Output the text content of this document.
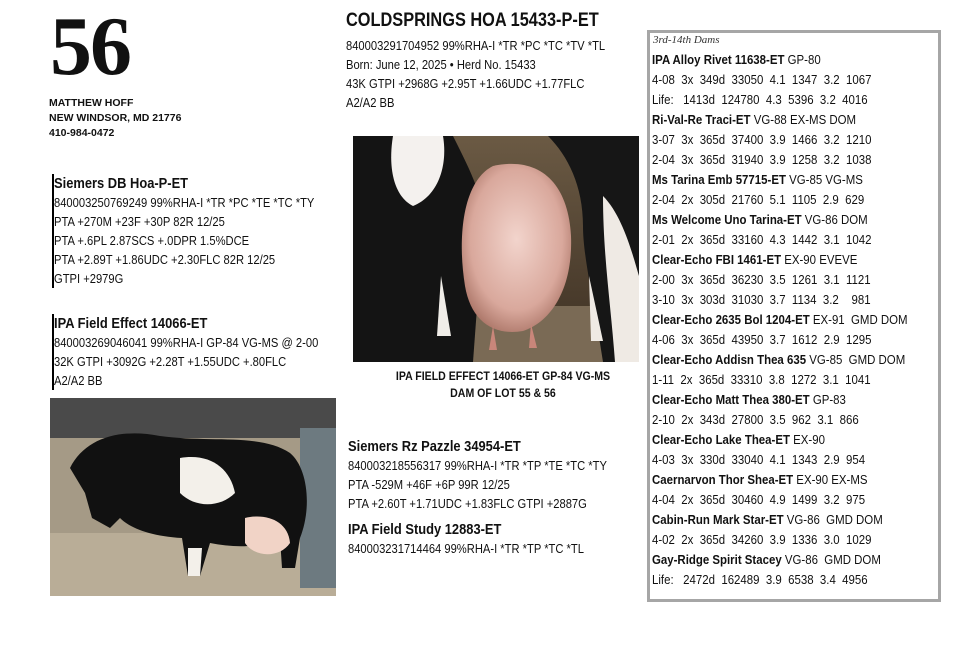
56
MATTHEW HOFF
NEW WINDSOR, MD 21776
410-984-0472
COLDSPRINGS HOA 15433-P-ET
840003291704952 99%RHA-I *TR *PC *TC *TV *TL
Born: June 12, 2025 • Herd No. 15433
43K GTPI +2968G +2.95T +1.66UDC +1.77FLC
A2/A2 BB
Siemers DB Hoa-P-ET
840003250769249 99%RHA-I *TR *PC *TE *TC *TY
PTA +270M +23F +30P 82R 12/25
PTA +.6PL 2.87SCS +.0DPR 1.5%DCE
PTA +2.89T +1.86UDC +2.30FLC 82R 12/25
GTPI +2979G
IPA Field Effect 14066-ET
840003269046041 99%RHA-I GP-84 VG-MS @ 2-00
32K GTPI +3092G +2.28T +1.55UDC +.80FLC
A2/A2 BB	IPA FIELD EFFECT 14066-ET GP-84 VG-MS
DAM OF LOT 55 & 56
Siemers Rz Pazzle 34954-ET
840003218556317 99%RHA-I *TR *TP *TE *TC *TY
PTA -529M +46F +6P 99R 12/25
PTA +2.60T +1.71UDC +1.83FLC GTPI +2887G
IPA Field Study 12883-ET
840003231714464 99%RHA-I *TR *TP *TC *TL
3rd-14th Dams
IPA Alloy Rivet 11638-ET GP-80
4-08  3x  349d  33050  4.1  1347  3.2  1067
Life:   1413d  124780  4.3  5396  3.2  4016
Ri-Val-Re Traci-ET VG-88 EX-MS DOM
3-07  3x  365d  37400  3.9  1466  3.2  1210
2-04  3x  365d  31940  3.9  1258  3.2  1038
Ms Tarina Emb 57715-ET VG-85 VG-MS
2-04  2x  305d  21760  5.1  1105  2.9  629
Ms Welcome Uno Tarina-ET VG-86 DOM
2-01  2x  365d  33160  4.3  1442  3.1  1042
Clear-Echo FBI 1461-ET EX-90 EVEVE
2-00  3x  365d  36230  3.5  1261  3.1  1121
3-10  3x  303d  31030  3.7  1134  3.2    981
Clear-Echo 2635 Bol 1204-ET EX-91  GMD DOM
4-06  3x  365d  43950  3.7  1612  2.9  1295
Clear-Echo Addisn Thea 635 VG-85  GMD DOM
1-11  2x  365d  33310  3.8  1272  3.1  1041
Clear-Echo Matt Thea 380-ET GP-83
2-10  2x  343d  27800  3.5  962  3.1  866
Clear-Echo Lake Thea-ET EX-90
4-03  3x  330d  33040  4.1  1343  2.9  954
Caernarvon Thor Shea-ET EX-90 EX-MS
4-04  2x  365d  30460  4.9  1499  3.2  975
Cabin-Run Mark Star-ET VG-86  GMD DOM
4-02  2x  365d  34260  3.9  1336  3.0  1029
Gay-Ridge Spirit Stacey VG-86  GMD DOM
Life:   2472d  162489  3.9  6538  3.4  4956
